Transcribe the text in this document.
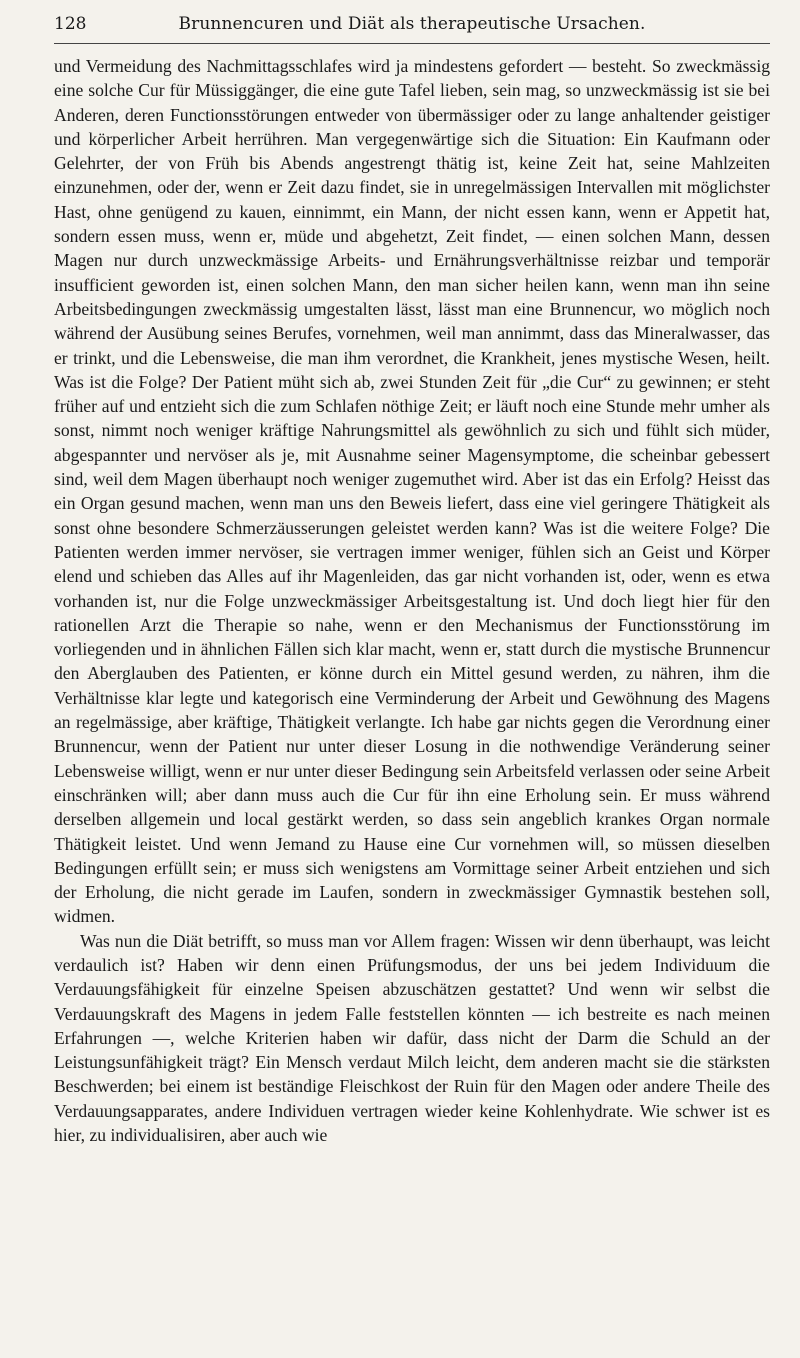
128	Brunnencuren und Diät als therapeutische Ursachen.

und Vermeidung des Nachmittagsschlafes wird ja mindestens gefordert — besteht. So zweckmässig eine solche Cur für Müssiggänger, die eine gute Tafel lieben, sein mag, so unzweckmässig ist sie bei Anderen, deren Functionsstörungen entweder von übermässiger oder zu lange anhaltender geistiger und körperlicher Arbeit herrühren. Man vergegenwärtige sich die Situation: Ein Kaufmann oder Gelehrter, der von Früh bis Abends angestrengt thätig ist, keine Zeit hat, seine Mahlzeiten einzunehmen, oder der, wenn er Zeit dazu findet, sie in unregelmässigen Intervallen mit möglichster Hast, ohne genügend zu kauen, einnimmt, ein Mann, der nicht essen kann, wenn er Appetit hat, sondern essen muss, wenn er, müde und abgehetzt, Zeit findet, — einen solchen Mann, dessen Magen nur durch unzweckmässige Arbeits- und Ernährungsverhältnisse reizbar und temporär insufficient geworden ist, einen solchen Mann, den man sicher heilen kann, wenn man ihn seine Arbeitsbedingungen zweckmässig umgestalten lässt, lässt man eine Brunnencur, wo möglich noch während der Ausübung seines Berufes, vornehmen, weil man annimmt, dass das Mineralwasser, das er trinkt, und die Lebensweise, die man ihm verordnet, die Krankheit, jenes mystische Wesen, heilt. Was ist die Folge? Der Patient müht sich ab, zwei Stunden Zeit für „die Cur“ zu gewinnen; er steht früher auf und entzieht sich die zum Schlafen nöthige Zeit; er läuft noch eine Stunde mehr umher als sonst, nimmt noch weniger kräftige Nahrungsmittel als gewöhnlich zu sich und fühlt sich müder, abgespannter und nervöser als je, mit Ausnahme seiner Magensymptome, die scheinbar gebessert sind, weil dem Magen überhaupt noch weniger zugemuthet wird. Aber ist das ein Erfolg? Heisst das ein Organ gesund machen, wenn man uns den Beweis liefert, dass eine viel geringere Thätigkeit als sonst ohne besondere Schmerzäusserungen geleistet werden kann? Was ist die weitere Folge? Die Patienten werden immer nervöser, sie vertragen immer weniger, fühlen sich an Geist und Körper elend und schieben das Alles auf ihr Magenleiden, das gar nicht vorhanden ist, oder, wenn es etwa vorhanden ist, nur die Folge unzweckmässiger Arbeitsgestaltung ist. Und doch liegt hier für den rationellen Arzt die Therapie so nahe, wenn er den Mechanismus der Functionsstörung im vorliegenden und in ähnlichen Fällen sich klar macht, wenn er, statt durch die mystische Brunnencur den Aberglauben des Patienten, er könne durch ein Mittel gesund werden, zu nähren, ihm die Verhältnisse klar legte und kategorisch eine Verminderung der Arbeit und Gewöhnung des Magens an regelmässige, aber kräftige, Thätigkeit verlangte. Ich habe gar nichts gegen die Verordnung einer Brunnencur, wenn der Patient nur unter dieser Losung in die nothwendige Veränderung seiner Lebensweise willigt, wenn er nur unter dieser Bedingung sein Arbeitsfeld verlassen oder seine Arbeit einschränken will; aber dann muss auch die Cur für ihn eine Erholung sein. Er muss während derselben allgemein und local gestärkt werden, so dass sein angeblich krankes Organ normale Thätigkeit leistet. Und wenn Jemand zu Hause eine Cur vornehmen will, so müssen dieselben Bedingungen erfüllt sein; er muss sich wenigstens am Vormittage seiner Arbeit entziehen und sich der Erholung, die nicht gerade im Laufen, sondern in zweckmässiger Gymnastik bestehen soll, widmen.

Was nun die Diät betrifft, so muss man vor Allem fragen: Wissen wir denn überhaupt, was leicht verdaulich ist? Haben wir denn einen Prüfungsmodus, der uns bei jedem Individuum die Verdauungsfähigkeit für einzelne Speisen abzuschätzen gestattet? Und wenn wir selbst die Verdauungskraft des Magens in jedem Falle feststellen könnten — ich bestreite es nach meinen Erfahrungen —, welche Kriterien haben wir dafür, dass nicht der Darm die Schuld an der Leistungsunfähigkeit trägt? Ein Mensch verdaut Milch leicht, dem anderen macht sie die stärksten Beschwerden; bei einem ist beständige Fleischkost der Ruin für den Magen oder andere Theile des Verdauungsapparates, andere Individuen vertragen wieder keine Kohlenhydrate. Wie schwer ist es hier, zu individualisiren, aber auch wie
